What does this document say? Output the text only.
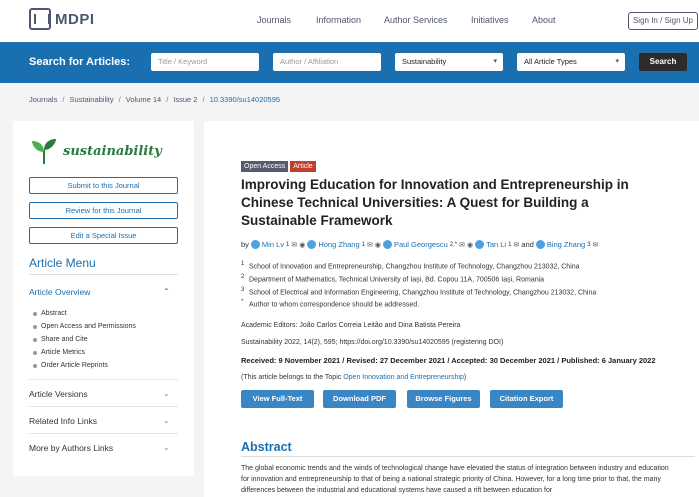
MDPI	Journals	Information	Author Services	Initiatives	About	Sign In / Sign Up
Search for Articles:	Title / Keyword	Author / Affiliation	Sustainability	▾	All Article Types	▾	Search
Journals / Sustainability / Volume 14 / Issue 2 / 10.3390/su14020595
sustainability
Submit to this Journal
Review for this Journal
Edit a Special Issue
Article Menu
Article Overview	⌃
Abstract
Open Access and Permissions
Share and Cite
Article Metrics
Order Article Reprints
Article Versions	⌄
Related Info Links	⌄
More by Authors Links	⌄
Open Access	Article
Improving Education for Innovation and Entrepreneurship in Chinese Technical Universities: A Quest for Building a Sustainable Framework
by Min Lv 1 ✉ ◉ Hong Zhang 1 ✉ ◉ Paul Georgescu 2,* ✉ ◉ Tan Li 1 ✉ and Bing Zhang 3 ✉
1 School of Innovation and Entrepreneurship, Changzhou Institute of Technology, Changzhou 213032, China
2 Department of Mathematics, Technical University of Iași, Bd. Copou 11A, 700506 Iași, Romania
3 School of Electrical and Information Engineering, Changzhou Institute of Technology, Changzhou 213032, China
* Author to whom correspondence should be addressed.
Academic Editors: João Carlos Correia Leitão and Dina Batista Pereira
Sustainability 2022, 14(2), 595; https://doi.org/10.3390/su14020595 (registering DOI)
Received: 9 November 2021 / Revised: 27 December 2021 / Accepted: 30 December 2021 / Published: 6 January 2022
(This article belongs to the Topic Open Innovation and Entrepreneurship)
View Full-Text	Download PDF	Browse Figures	Citation Export
Abstract

The global economic trends and the winds of technological change have elevated the status of integration between industry and education for innovation and entrepreneurship to that of being a national strategic priority of China. However, for a long time prior to that, the many differences between the industrial and educational systems have caused a rift between education for
